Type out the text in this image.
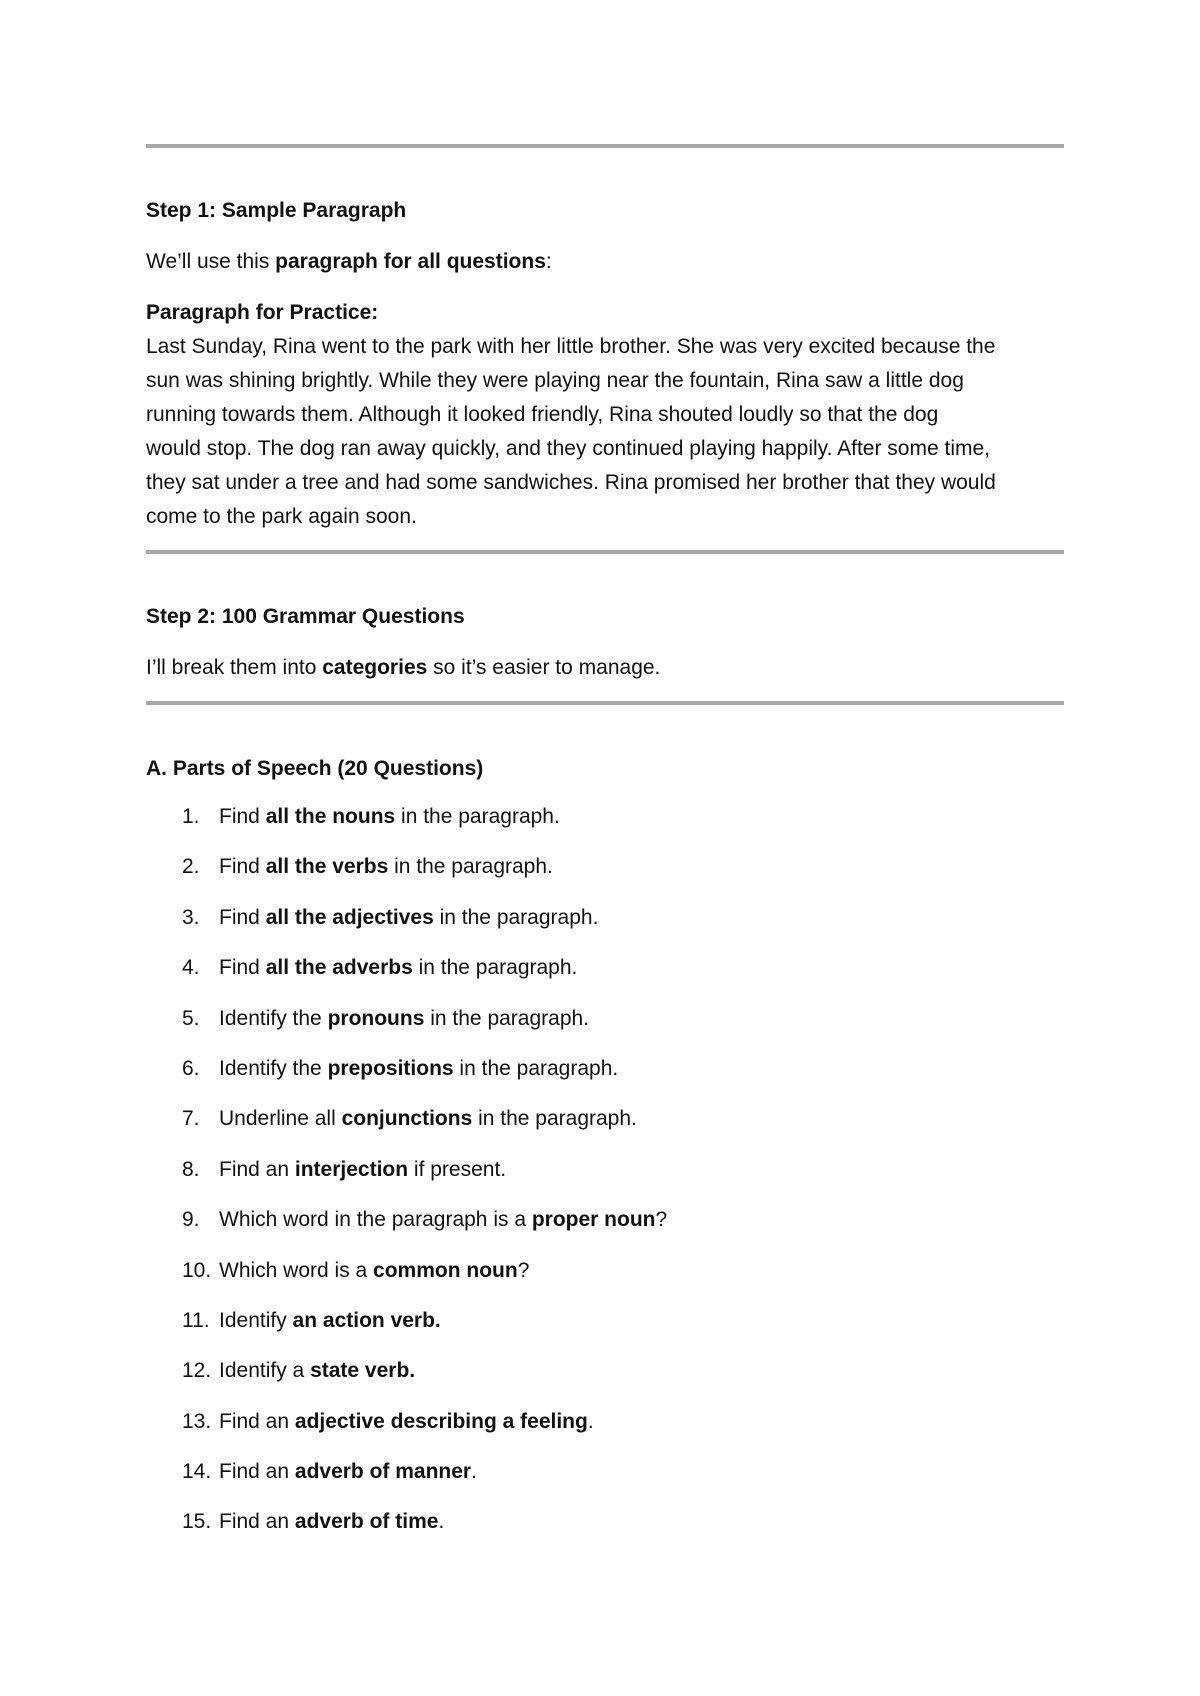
Step 1: Sample Paragraph
We’ll use this paragraph for all questions:
Paragraph for Practice:
Last Sunday, Rina went to the park with her little brother. She was very excited because the
sun was shining brightly. While they were playing near the fountain, Rina saw a little dog
running towards them. Although it looked friendly, Rina shouted loudly so that the dog
would stop. The dog ran away quickly, and they continued playing happily. After some time,
they sat under a tree and had some sandwiches. Rina promised her brother that they would
come to the park again soon.
Step 2: 100 Grammar Questions
I’ll break them into categories so it’s easier to manage.
A. Parts of Speech (20 Questions)
1. Find all the nouns in the paragraph.
2. Find all the verbs in the paragraph.
3. Find all the adjectives in the paragraph.
4. Find all the adverbs in the paragraph.
5. Identify the pronouns in the paragraph.
6. Identify the prepositions in the paragraph.
7. Underline all conjunctions in the paragraph.
8. Find an interjection if present.
9. Which word in the paragraph is a proper noun?
10. Which word is a common noun?
11. Identify an action verb.
12. Identify a state verb.
13. Find an adjective describing a feeling.
14. Find an adverb of manner.
15. Find an adverb of time.
